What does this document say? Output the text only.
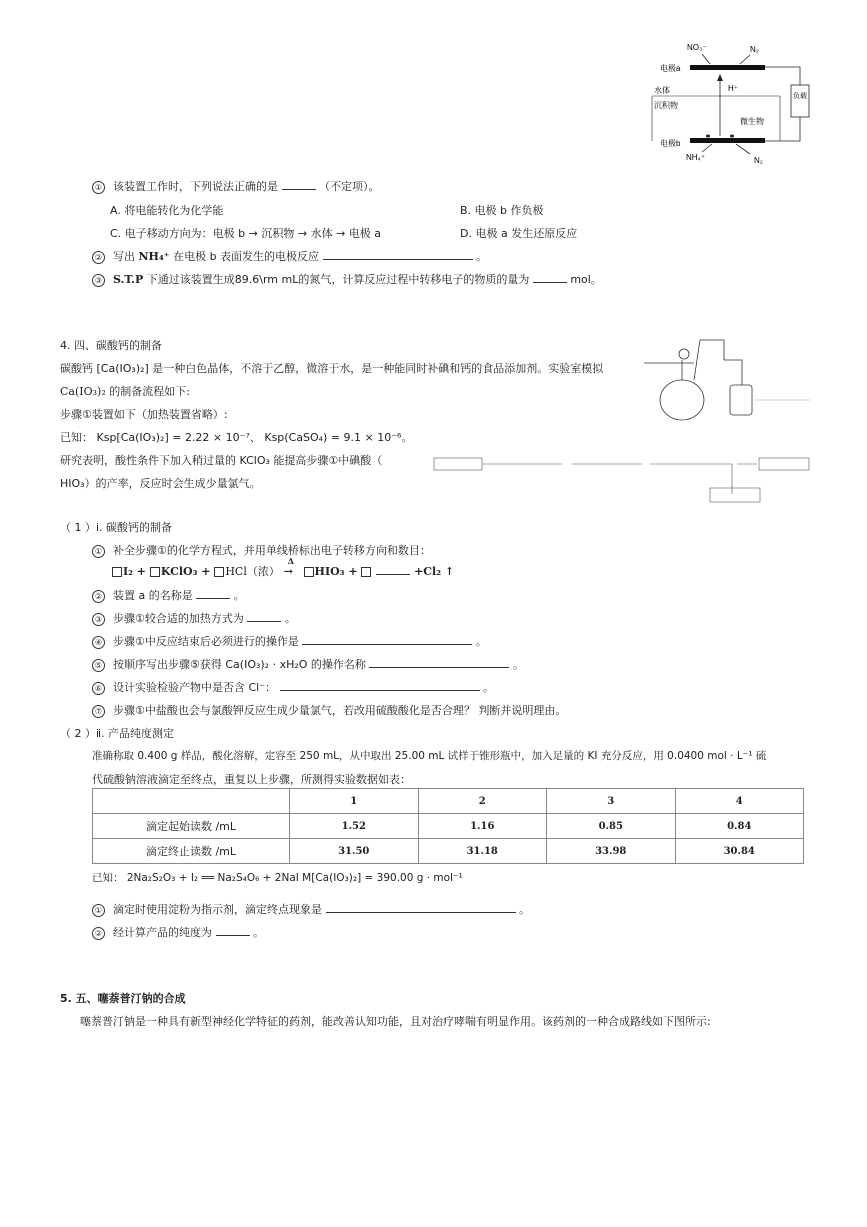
NO₃⁻	N₂
电极a
负载
水体
沉积物
H⁺
微生物
电极b
NH₄⁺	N₂
① 该装置工作时，下列说法正确的是	（不定项）。
A. 将电能转化为化学能	B. 电极 b 作负极
C. 电子移动方向为：电极 b → 沉积物 → 水体 → 电极 a	D. 电极 a 发生还原反应
② 写出 NH₄⁺ 在电极 b 表面发生的电极反应	。
③ S.T.P 下通过该装置生成89.6\rm mL的氮气，计算反应过程中转移电子的物质的量为	mol。
4. 四、碳酸钙的制备
碳酸钙 [Ca(IO₃)₂] 是一种白色晶体，不溶于乙醇，微溶于水，是一种能同时补碘和钙的食品添加剂。实验室模拟
Ca(IO₃)₂ 的制备流程如下:
步骤①装置如下（加热装置省略）:
已知： Ksp[Ca(IO₃)₂] = 2.22 × 10⁻⁷、 Ksp(CaSO₄) = 9.1 × 10⁻⁶。
研究表明，酸性条件下加入稍过量的 KClO₃ 能提高步骤①中碘酸（
HIO₃）的产率，反应时会生成少量氯气。
（ 1 ）ⅰ. 碳酸钙的制备
① 补全步骤①的化学方程式，并用单线桥标出电子转移方向和数目：
I₂ + KClO₃ + HCl（浓）
Δ
→ HIO₃ +	+Cl₂ ↑
② 装置 a 的名称是	。
③ 步骤①较合适的加热方式为	。
④ 步骤①中反应结束后必须进行的操作是	。
⑤ 按顺序写出步骤⑤获得 Ca(IO₃)₂ · xH₂O 的操作名称	。
⑥ 设计实验检验产物中是否含 Cl⁻：	。
⑦ 步骤①中盐酸也会与氯酸钾反应生成少量氯气，若改用硫酸酸化是否合理？ 判断并说明理由。
（ 2 ）ⅱ. 产品纯度测定
准确称取 0.400 g 样品，酸化溶解，定容至 250 mL，从中取出 25.00 mL 试样于锥形瓶中，加入足量的 KI 充分反应，用 0.0400 mol · L⁻¹ 硫
代硫酸钠溶液滴定至终点，重复以上步骤，所测得实验数据如表：
	1	2	3	4
滴定起始读数 /mL	1.52	1.16	0.85	0.84
滴定终止读数 /mL	31.50	31.18	33.98	30.84
已知： 2Na₂S₂O₃ + I₂ ══ Na₂S₄O₆ + 2NaI M[Ca(IO₃)₂] = 390.00 g · mol⁻¹
① 滴定时使用淀粉为指示剂，滴定终点现象是	。
② 经计算产品的纯度为	。
5. 五、噻萘普汀钠的合成
噻萘普汀钠是一种具有新型神经化学特征的药剂，能改善认知功能，且对治疗哮喘有明显作用。该药剂的一种合成路线如下图所示:
